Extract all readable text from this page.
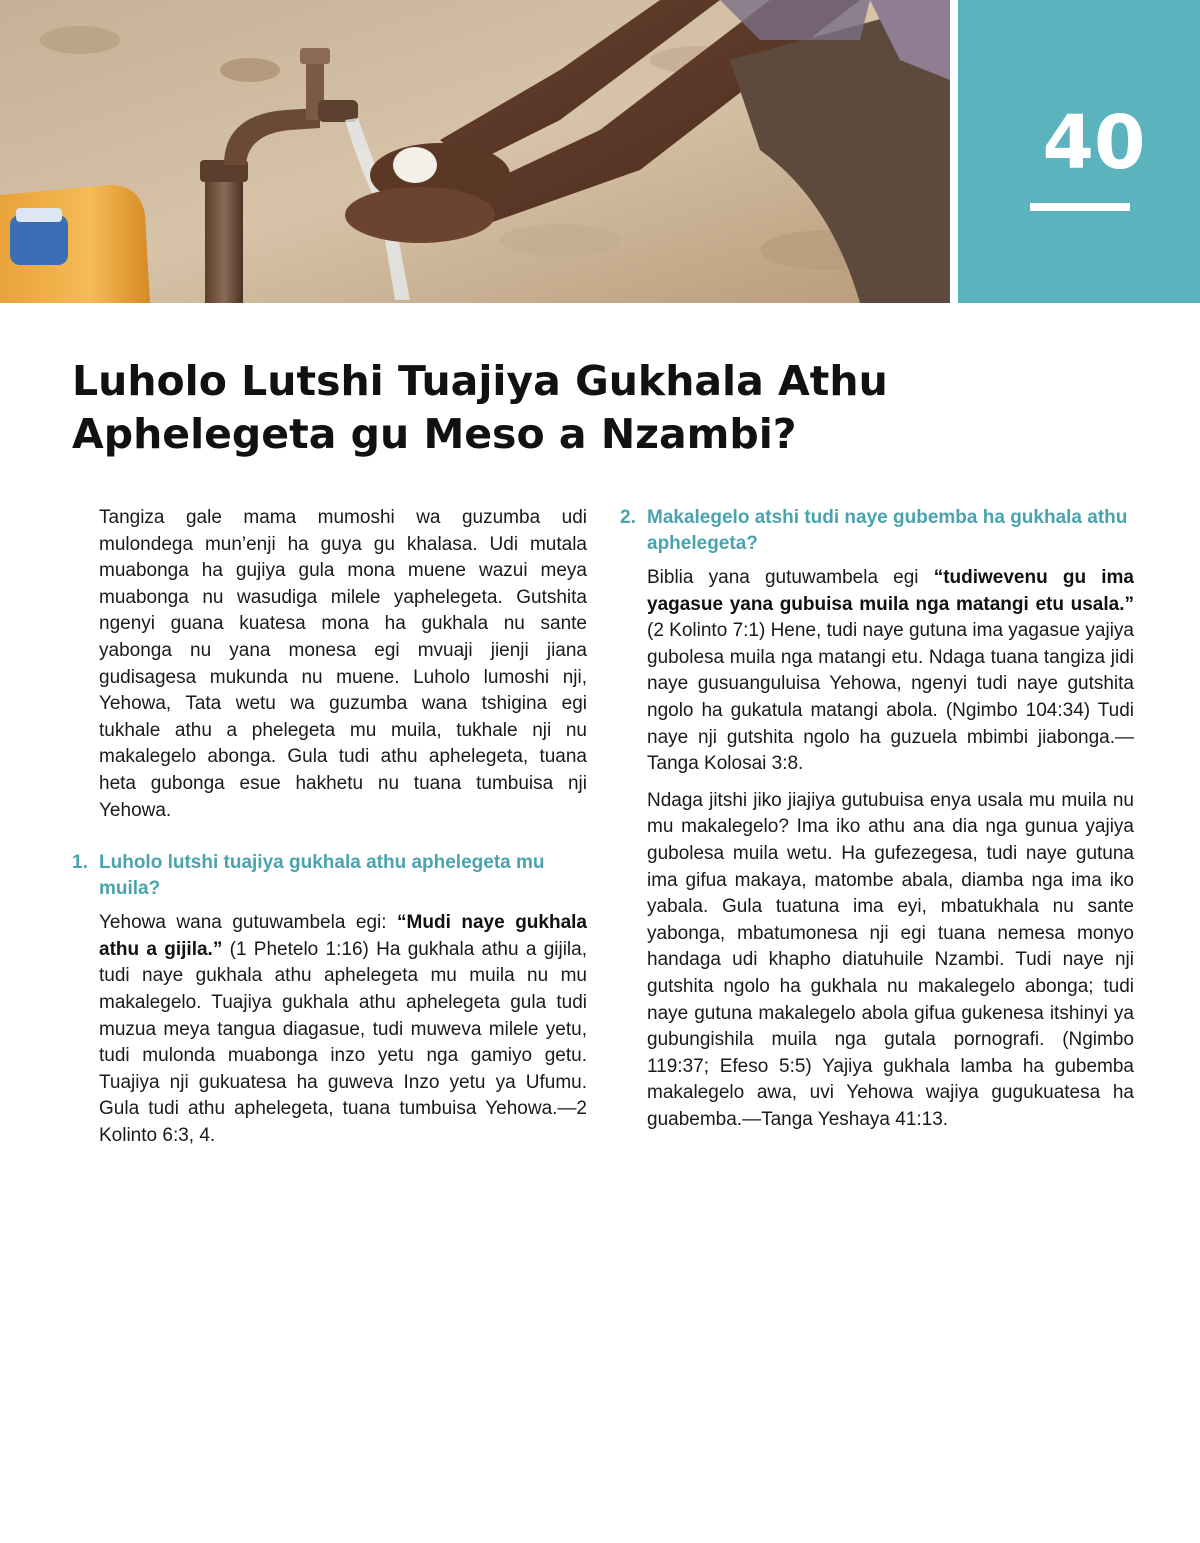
40
Luholo Lutshi Tuajiya Gukhala Athu Aphelegeta gu Meso a Nzambi?

Tangiza gale mama mumoshi wa guzumba udi mulondega mun’enji ha guya gu khalasa. Udi mutala muabonga ha gujiya gula mona muene wazui meya muabonga nu wasudiga milele yaphelegeta. Gutshita ngenyi guana kuatesa mona ha gukhala nu sante yabonga nu yana monesa egi mvuaji jienji jiana gudisagesa mukunda nu muene. Luholo lumoshi nji, Yehowa, Tata wetu wa guzumba wana tshigina egi tukhale athu a phelegeta mu muila, tukhale nji nu makalegelo abonga. Gula tudi athu aphelegeta, tuana heta gubonga esue hakhetu nu tuana tumbuisa nji Yehowa.

1. Luholo lutshi tuajiya gukhala athu aphelegeta mu muila?

Yehowa wana gutuwambela egi: “Mudi naye gukhala athu a gijila.” (1 Phetelo 1:16) Ha gukhala athu a gijila, tudi naye gukhala athu aphelegeta mu muila nu mu makalegelo. Tuajiya gukhala athu aphelegeta gula tudi muzua meya tangua diagasue, tudi muweva milele yetu, tudi mulonda muabonga inzo yetu nga gamiyo getu. Tuajiya nji gukuatesa ha guweva Inzo yetu ya Ufumu. Gula tudi athu aphelegeta, tuana tumbuisa Yehowa.—2 Kolinto 6:3, 4.

2. Makalegelo atshi tudi naye gubemba ha gukhala athu aphelegeta?

Biblia yana gutuwambela egi “tudiwevenu gu ima yagasue yana gubuisa muila nga matangi etu usala.” (2 Kolinto 7:1) Hene, tudi naye gutuna ima yagasue yajiya gubolesa muila nga matangi etu. Ndaga tuana tangiza jidi naye gusuanguluisa Yehowa, ngenyi tudi naye gutshita ngolo ha gukatula matangi abola. (Ngimbo 104:34) Tudi naye nji gutshita ngolo ha guzuela mbimbi jiabonga.—Tanga Kolosai 3:8.

Ndaga jitshi jiko jiajiya gutubuisa enya usala mu muila nu mu makalegelo? Ima iko athu ana dia nga gunua yajiya gubolesa muila wetu. Ha gufezegesa, tudi naye gutuna ima gifua makaya, matombe abala, diamba nga ima iko yabala. Gula tuatuna ima eyi, mbatukhala nu sante yabonga, mbatumonesa nji egi tuana nemesa monyo handaga udi khapho diatuhuile Nzambi. Tudi naye nji gutshita ngolo ha gukhala nu makalegelo abonga; tudi naye gutuna makalegelo abola gifua gukenesa itshinyi ya gubungishila muila nga gutala pornografi. (Ngimbo 119:37; Efeso 5:5) Yajiya gukhala lamba ha gubemba makalegelo awa, uvi Yehowa wajiya gugukuatesa ha guabemba.—Tanga Yeshaya 41:13.
